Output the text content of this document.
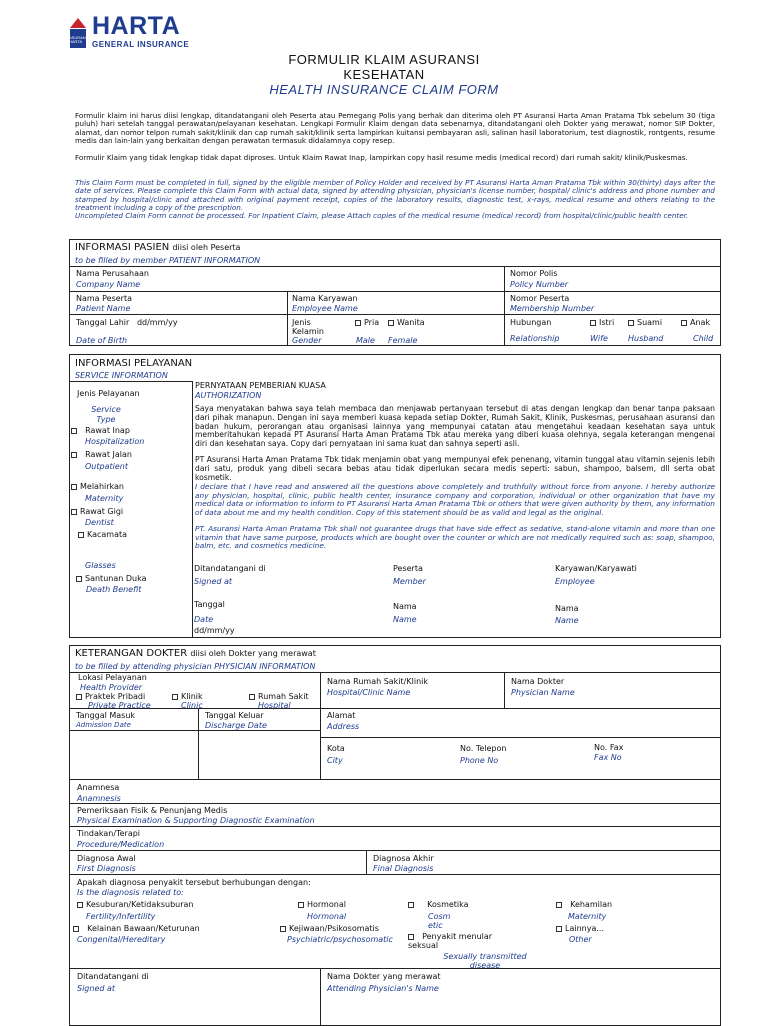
ASURANSI
HARTA
HARTA
GENERAL INSURANCE
FORMULIR KLAIM ASURANSI
KESEHATAN
HEALTH INSURANCE CLAIM FORM
Formulir klaim ini harus diisi lengkap, ditandatangani oleh Peserta atau Pemegang Polis yang berhak dan diterima oleh PT Asuransi Harta Aman Pratama Tbk sebelum 30 (tiga puluh) hari setelah tanggal perawatan/pelayanan kesehatan. Lengkapi Formulir Klaim dengan data sebenarnya, ditandatangani oleh Dokter yang merawat, nomor SIP Dokter, alamat, dan nomor telpon rumah sakit/klinik dan cap rumah sakit/klinik serta lampirkan kuitansi pembayaran asli, salinan hasil laboratorium, test diagnostik, rontgents, resume medis dan lain-lain yang berkaitan dengan perawatan termasuk didalamnya copy resep.
Formulir Klaim yang tidak lengkap tidak dapat diproses. Untuk Klaim Rawat Inap, lampirkan copy hasil resume medis (medical record) dari rumah sakit/ klinik/Puskesmas.
This Claim Form must be completed in full, signed by the eligible member of Policy Holder and received by PT Asuransi Harta Aman Pratama Tbk within 30(thirty) days after the date of services. Please complete this Claim Form with actual data, signed by attending physician, physician's license number, hospital/ clinic's address and phone number and stamped by hospital/clinic and attached with original payment receipt, copies of the laboratory results, diagnostic test, x-rays, medical resume and others relating to the treatment including a copy of the prescription.
Uncompleted Claim Form cannot be processed. For Inpatient Claim, please Attach copies of the medical resume (medical record) from hospital/clinic/public health center.
INFORMASI PASIEN diisi oleh Peserta
to be filled by member PATIENT INFORMATION
Nama Perusahaan
Company Name
Nomor Polis
Policy Number
Nama Peserta
Patient Name
Nama Karyawan
Employee Name
Nomor Peserta
Membership Number
Tanggal Lahir dd/mm/yy
Date of Birth
Jenis Kelamin
Gender
Pria
Male
Wanita
Female
Hubungan
Relationship
Istri
Wife
Suami
Husband
Anak
Child
INFORMASI PELAYANAN
SERVICE INFORMATION
Jenis Pelayanan
Service Type
Rawat Inap
Hospitalization
Rawat Jalan
Outpatient
Melahirkan
Maternity
Rawat Gigi
Dentist
Kacamata
Glasses
Santunan Duka
Death Benefit
PERNYATAAN PEMBERIAN KUASA
AUTHORIZATION
Saya menyatakan bahwa saya telah membaca dan menjawab pertanyaan tersebut di atas dengan lengkap dan benar tanpa paksaan dari pihak manapun. Dengan ini saya memberi kuasa kepada setiap Dokter, Rumah Sakit, Klinik, Puskesmas, perusahaan asuransi dan badan hukum, perorangan atau organisasi lainnya yang mempunyai catatan atau mengetahui keadaan kesehatan saya untuk memberitahukan kepada PT Asuransi Harta Aman Pratama Tbk atau mereka yang diberi kuasa olehnya, segala keterangan mengenai diri dan kesehatan saya. Copy dari pernyataan ini sama kuat dan sahnya seperti asli.
PT Asuransi Harta Aman Pratama Tbk tidak menjamin obat yang mempunyai efek penenang, vitamin tunggal atau vitamin sejenis lebih dari satu, produk yang dibeli secara bebas atau tidak diperlukan secara medis seperti: sabun, shampoo, balsem, dll serta obat kosmetik.
I declare that I have read and answered all the questions above completely and truthfully without force from anyone. I hereby authorize any physician, hospital, clinic, public health center, insurance company and corporation, individual or other organization that have my medical data or information to inform to PT Asuransi Harta Aman Pratama Tbk or others that were given authority by them, any information of data about me and my health condition. Copy of this statement should be as valid and legal as the original.
PT. Asuransi Harta Aman Pratama Tbk shall not guarantee drugs that have side effect as sedative, stand-alone vitamin and more than one vitamin that have same purpose, products which are bought over the counter or which are not medically required such as: soap, shampoo, balm, etc. and cosmetics medicine.
Ditandatangani di
Signed at
Peserta
Member
Karyawan/Karyawati
Employee
Tanggal
Date
dd/mm/yy
Nama
Name
Nama
Name
KETERANGAN DOKTER diisi oleh Dokter yang merawat
to be filled by attending physician PHYSICIAN INFORMATION
Lokasi Pelayanan
Health Provider
Praktek Pribadi
Private Practice
Klinik
Clinic
Rumah Sakit
Hospital
Nama Rumah Sakit/Klinik
Hospital/Clinic Name
Nama Dokter
Physician Name
Tanggal Masuk
Admission Date
Tanggal Keluar
Discharge Date
Alamat
Address
Kota
City
No. Telepon
Phone No
No. Fax
Fax No
Anamnesa
Anamnesis
Pemeriksaan Fisik & Penunjang Medis
Physical Examination & Supporting Diagnostic Examination
Tindakan/Terapi
Procedure/Medication
Diagnosa Awal
First Diagnosis
Diagnosa Akhir
Final Diagnosis
Apakah diagnosa penyakit tersebut berhubungan dengan:
Is the diagnosis related to:
Kesuburan/Ketidaksuburan
Fertility/Infertility
Kelainan Bawaan/Keturunan
Congenital/Hereditary
Hormonal
Hormonal
Kejiwaan/Psikosomatis
Psychiatric/psychosomatic
Kosmetika
Cosmetic
Penyakit menular seksual
Sexually transmitted disease
Kehamilan
Maternity
Lainnya...
Other
Ditandatangani di
Signed at
Nama Dokter yang merawat
Attending Physician's Name
